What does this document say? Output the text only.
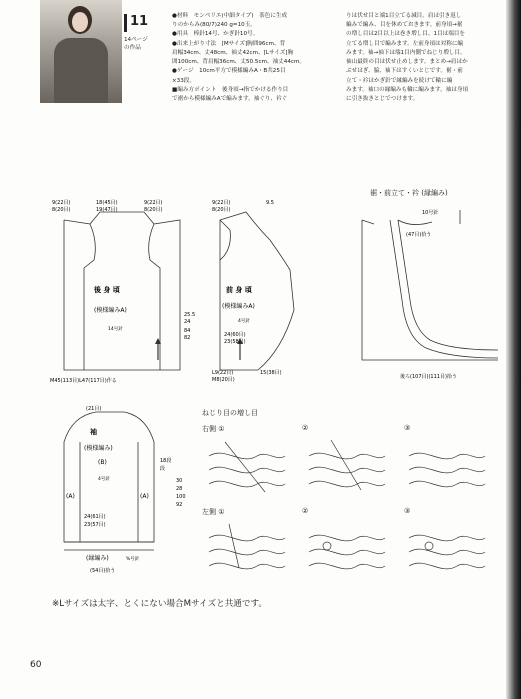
11
14ページ
の作品
●材料　モンペリエ(中細タイプ)　茶色に生成
りのからみ(80/7)240 g=10玉。
●用具　棒針14号、かぎ針10号。
●出来上がり寸法　[Mサイズ]胸囲96cm、背
肩幅34cm、丈48cm、袖丈42cm、[Lサイズ]胸
囲100cm、背肩幅36cm、丈50.5cm、袖丈44cm。
●ゲージ　10cm平方で模様編みA・B共25目
×33段。
■編み方ポイント　後身頃→指でかける作り目
で裾から模様編みAで編みます。袖ぐり、衿ぐ
りは伏せ目と端1目立てる減目。肩は引き返し
編みで編み、目を休めておきます。前身頃→裾
の増し目は2目以上は巻き増し目、1目は端目を
立てる増し目で編みます。左前身頃は対称に編
みます。袖→袖下は端1目内側でねじり増し目。
袖山最終の目は伏せ止めします。まとめ→肩はか
ぶせはぎ、脇、袖下はすくいとじです。裾・前
立て・衿はかぎ針で縁編みを続けて輪に編
みます。袖口の縁編みも輪に編みます。袖は身頃
に引き抜きとじでつけます。
9(22目)
8(20目)
18(45目)
19(47目)
9(22目)
8(20目)
後 身 頃
(模様編みA)
14号針
25.5
24
84
82
M45(113目)L47(117目)作る
9(22目)
8(20目)
9.5
前 身 頃
(模様編みA)
4号針
24(60目)
23(58目)
L9(22目)
M8(20目)
15(38目)
裾・前立て・衿 (縁編み)
10号針
(47目)拾う
後ろ(107目)(111目)拾う
袖
(模様編み)
(B)
(A)	(A)
4号針
24(61目)
23(57目)
(21目)
18段
段
30
28
100
92
(縁編み)	%号針
(54目)拾う
ねじり目の増し目
右側 ①	②	③
左側 ①	②	③
※Lサイズは太字、とくにない場合Mサイズと共通です。
60
